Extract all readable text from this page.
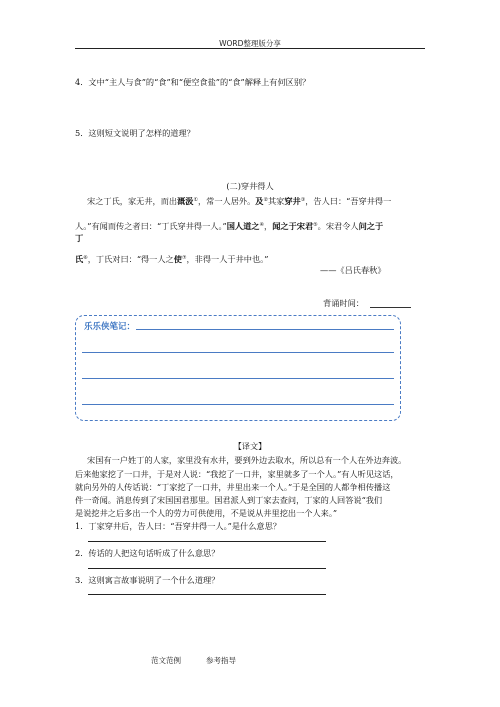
WORD整理版分享
4．文中“主人与食”的“食”和“便空食盐”的“食”解释上有何区别？
5．这则短文说明了怎样的道理？
(二)穿井得人
宋之丁氏，家无井，而出溉汲①，常一人居外。及②其家穿井③，告人曰：“吾穿井得一
人。”有闻而传之者曰：“丁氏穿井得一人。”国人道之④，闻之于宋君⑤。宋君令人问之于
丁
氏⑥，丁氏对曰：“得一人之使⑦，非得一人于井中也。”
——《吕氏春秋》
背诵时间：
乐乐侠笔记：
【译文】
宋国有一户姓丁的人家，家里没有水井，要到外边去取水，所以总有一个人在外边奔波。
后来他家挖了一口井，于是对人说：“我挖了一口井，家里就多了一个人。”有人听见这话，
就向另外的人传话说：“丁家挖了一口井，井里出来一个人。”于是全国的人都争相传播这
件一奇闻。消息传到了宋国国君那里。国君派人到丁家去查问，丁家的人回答说“我们
是说挖井之后多出一个人的劳力可供使用，不是说从井里挖出一个人来。”
1．丁家穿井后，告人曰：“吾穿井得一人。”是什么意思？
2．传话的人把这句话听成了什么意思？
3．这则寓言故事说明了一个什么道理？
范文范例	参考指导
